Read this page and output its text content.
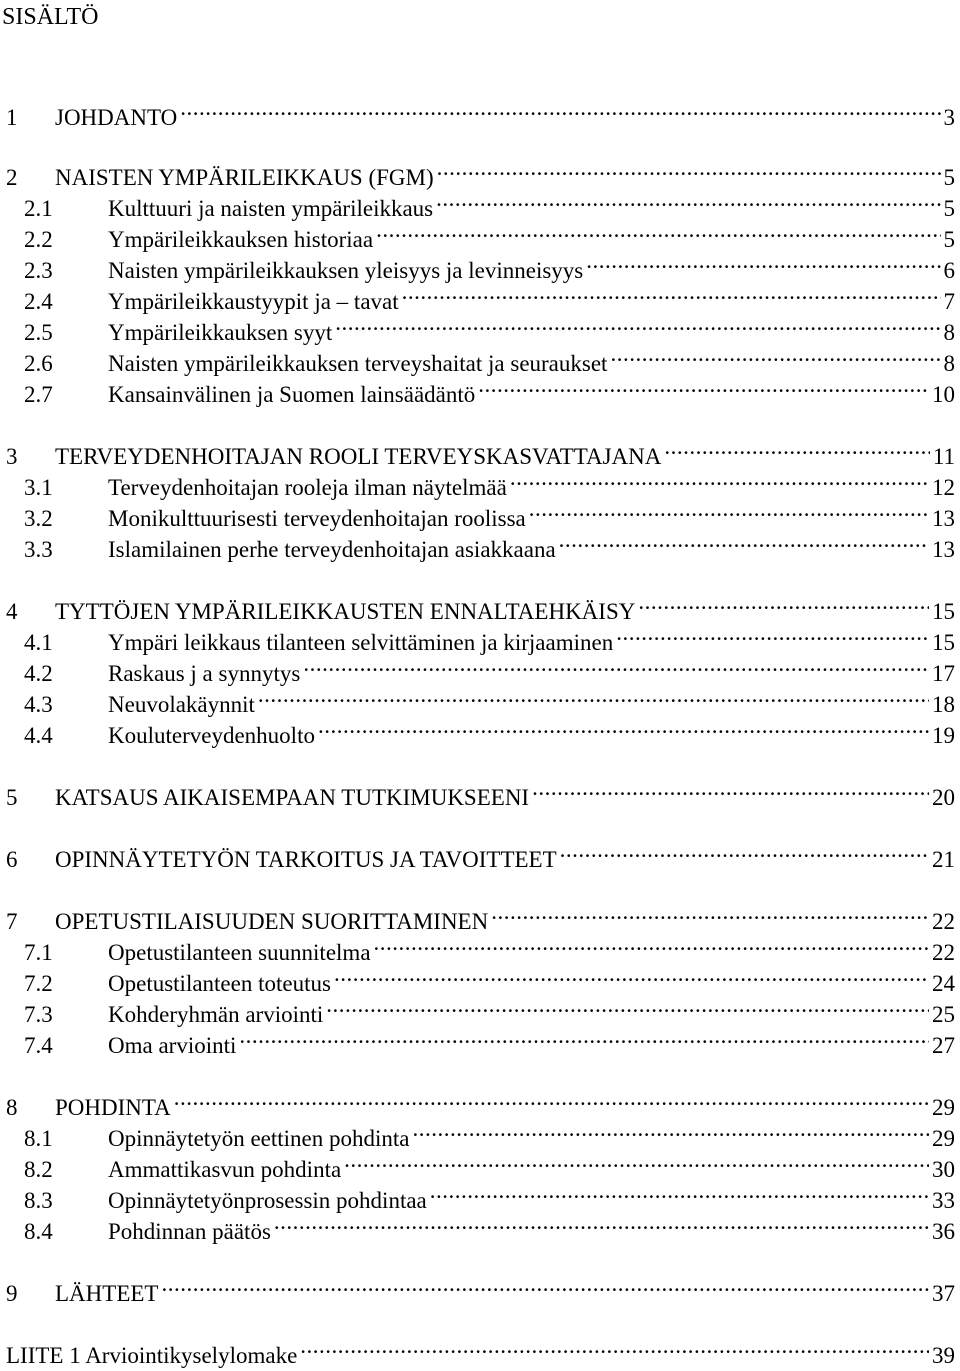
SISÄLTÖ
1	JOHDANTO .....	3
2	NAISTEN YMPÄRILEIKKAUS (FGM) .....	5
2.1	Kulttuuri ja naisten ympärileikkaus .....	5
2.2	Ympärileikkauksen historiaa .....	5
2.3	Naisten ympärileikkauksen yleisyys ja levinneisyys .....	6
2.4	Ympärileikkaustyypit ja – tavat .....	7
2.5	Ympärileikkauksen syyt .....	8
2.6	Naisten ympärileikkauksen terveyshaitat ja seuraukset .....	8
2.7	Kansainvälinen ja Suomen lainsäädäntö .....	10
3	TERVEYDENHOITAJAN ROOLI TERVEYSKASVATTAJANA .....	11
3.1	Terveydenhoitajan rooleja ilman näytelmää .....	12
3.2	Monikulttuurisesti terveydenhoitajan roolissa .....	13
3.3	Islamilainen perhe terveydenhoitajan asiakkaana .....	13
4	TYTTÖJEN YMPÄRILEIKKAUSTEN ENNALTAEHKÄISY .....	15
4.1	Ympäri leikkaus tilanteen selvittäminen ja kirjaaminen .....	15
4.2	Raskaus j a synnytys .....	17
4.3	Neuvolakäynnit .....	18
4.4	Kouluterveydenhuolto .....	19
5	KATSAUS AIKAISEMPAAN TUTKIMUKSEENI .....	20
6	OPINNÄYTETYÖN TARKOITUS JA TAVOITTEET .....	21
7	OPETUSTILAISUUDEN SUORITTAMINEN .....	22
7.1	Opetustilanteen suunnitelma .....	22
7.2	Opetustilanteen toteutus .....	24
7.3	Kohderyhmän arviointi .....	25
7.4	Oma arviointi .....	27
8	POHDINTA .....	29
8.1	Opinnäytetyön eettinen pohdinta .....	29
8.2	Ammattikasvun pohdinta .....	30
8.3	Opinnäytetyönprosessin pohdintaa .....	33
8.4	Pohdinnan päätös .....	36
9	LÄHTEET .....	37
LIITE 1 Arviointikyselylomake .....	39
